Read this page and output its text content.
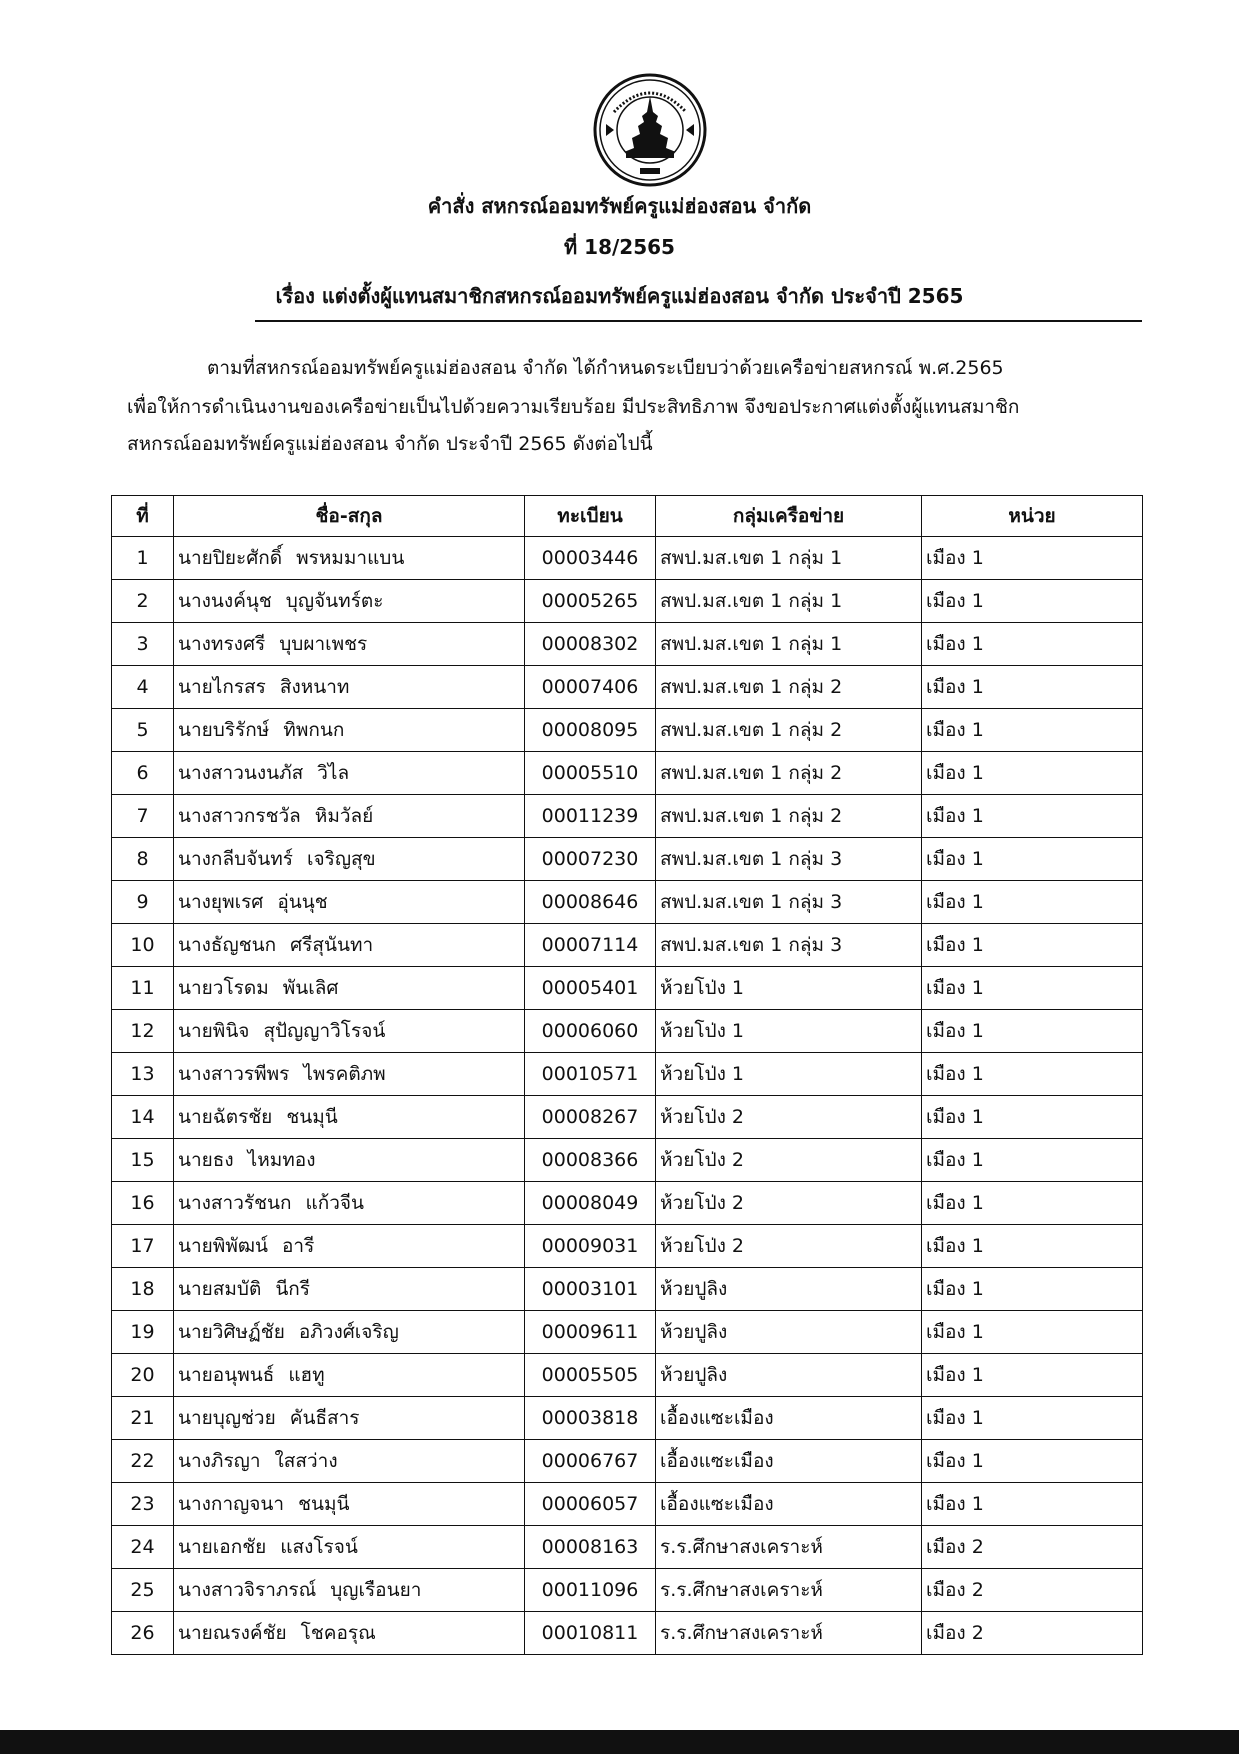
คำสั่ง สหกรณ์ออมทรัพย์ครูแม่ฮ่องสอน จำกัด
ที่ 18/2565
เรื่อง แต่งตั้งผู้แทนสมาชิกสหกรณ์ออมทรัพย์ครูแม่ฮ่องสอน จำกัด ประจำปี 2565
ตามที่สหกรณ์ออมทรัพย์ครูแม่ฮ่องสอน จำกัด ได้กำหนดระเบียบว่าด้วยเครือข่ายสหกรณ์ พ.ศ.2565
เพื่อให้การดำเนินงานของเครือข่ายเป็นไปด้วยความเรียบร้อย มีประสิทธิภาพ จึงขอประกาศแต่งตั้งผู้แทนสมาชิก
สหกรณ์ออมทรัพย์ครูแม่ฮ่องสอน จำกัด ประจำปี 2565 ดังต่อไปนี้
ที่	ชื่อ-สกุล	ทะเบียน	กลุ่มเครือข่าย	หน่วย
1	นายปิยะศักดิ์ พรหมมาแบน	00003446	สพป.มส.เขต 1 กลุ่ม 1	เมือง 1
2	นางนงค์นุช บุญจันทร์ตะ	00005265	สพป.มส.เขต 1 กลุ่ม 1	เมือง 1
3	นางทรงศรี บุบผาเพชร	00008302	สพป.มส.เขต 1 กลุ่ม 1	เมือง 1
4	นายไกรสร สิงหนาท	00007406	สพป.มส.เขต 1 กลุ่ม 2	เมือง 1
5	นายบริรักษ์ ทิพกนก	00008095	สพป.มส.เขต 1 กลุ่ม 2	เมือง 1
6	นางสาวนงนภัส วิไล	00005510	สพป.มส.เขต 1 กลุ่ม 2	เมือง 1
7	นางสาวกรชวัล หิมวัลย์	00011239	สพป.มส.เขต 1 กลุ่ม 2	เมือง 1
8	นางกลีบจันทร์ เจริญสุข	00007230	สพป.มส.เขต 1 กลุ่ม 3	เมือง 1
9	นางยุพเรศ อุ่นนุช	00008646	สพป.มส.เขต 1 กลุ่ม 3	เมือง 1
10	นางธัญชนก ศรีสุนันทา	00007114	สพป.มส.เขต 1 กลุ่ม 3	เมือง 1
11	นายวโรดม พันเลิศ	00005401	ห้วยโป่ง 1	เมือง 1
12	นายพินิจ สุปัญญาวิโรจน์	00006060	ห้วยโป่ง 1	เมือง 1
13	นางสาวรพีพร ไพรคติภพ	00010571	ห้วยโป่ง 1	เมือง 1
14	นายฉัตรชัย ชนมุนี	00008267	ห้วยโป่ง 2	เมือง 1
15	นายธง ไหมทอง	00008366	ห้วยโป่ง 2	เมือง 1
16	นางสาวรัชนก แก้วจีน	00008049	ห้วยโป่ง 2	เมือง 1
17	นายพิพัฒน์ อารี	00009031	ห้วยโป่ง 2	เมือง 1
18	นายสมบัติ นีกรี	00003101	ห้วยปูลิง	เมือง 1
19	นายวิศิษฏ์ชัย อภิวงศ์เจริญ	00009611	ห้วยปูลิง	เมือง 1
20	นายอนุพนธ์ แฮทู	00005505	ห้วยปูลิง	เมือง 1
21	นายบุญช่วย คันธีสาร	00003818	เอื้องแซะเมือง	เมือง 1
22	นางภิรญา ใสสว่าง	00006767	เอื้องแซะเมือง	เมือง 1
23	นางกาญจนา ชนมุนี	00006057	เอื้องแซะเมือง	เมือง 1
24	นายเอกชัย แสงโรจน์	00008163	ร.ร.ศึกษาสงเคราะห์	เมือง 2
25	นางสาวจิราภรณ์ บุญเรือนยา	00011096	ร.ร.ศึกษาสงเคราะห์	เมือง 2
26	นายณรงค์ชัย โชคอรุณ	00010811	ร.ร.ศึกษาสงเคราะห์	เมือง 2
